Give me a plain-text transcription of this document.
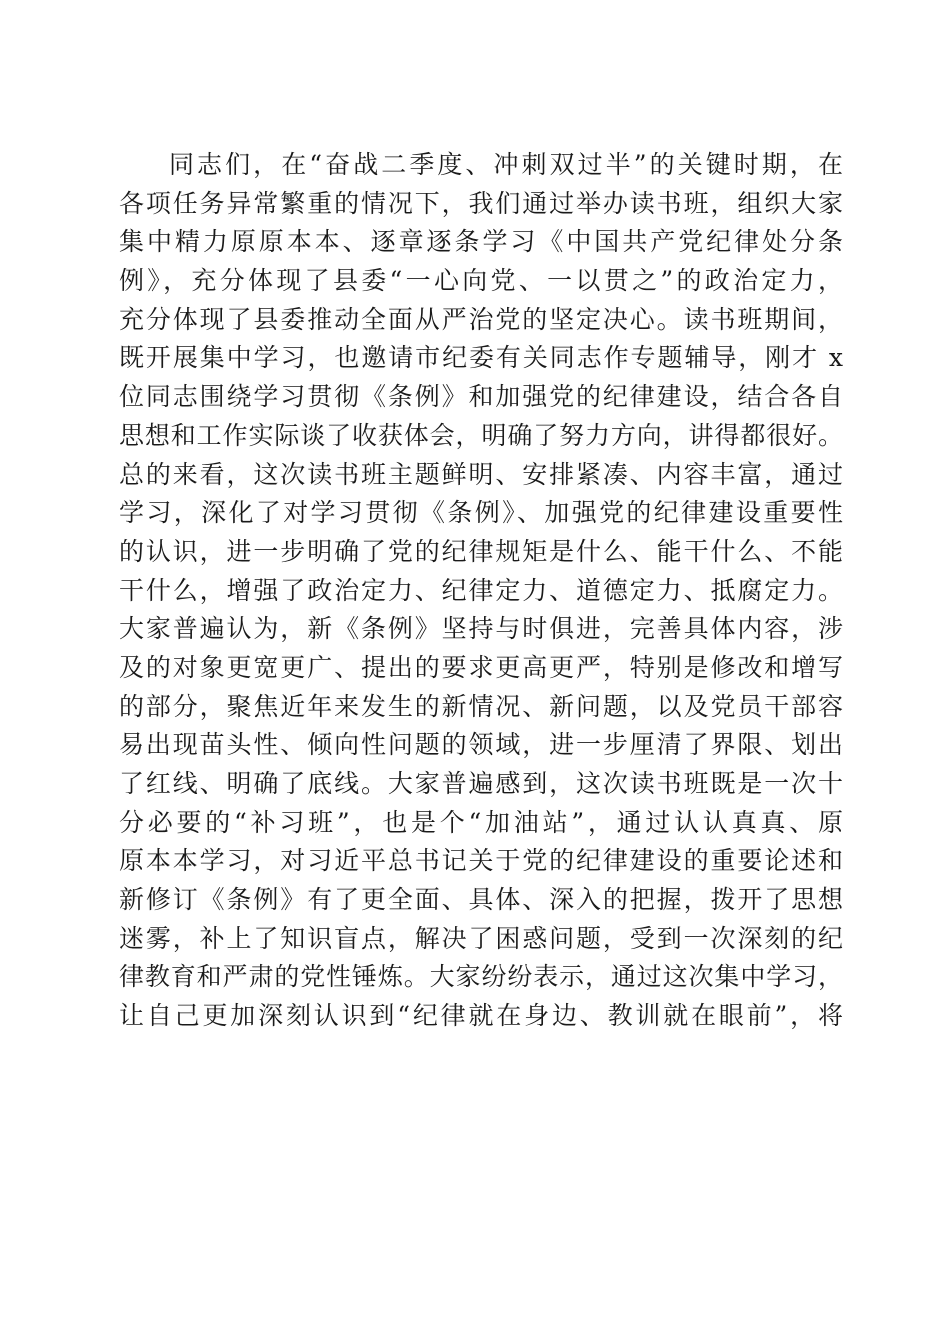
同志们，在“奋战二季度、冲刺双过半”的关键时期，在
各项任务异常繁重的情况下，我们通过举办读书班，组织大家
集中精力原原本本、逐章逐条学习《中国共产党纪律处分条
例》，充分体现了县委“一心向党、一以贯之”的政治定力，
充分体现了县委推动全面从严治党的坚定决心。读书班期间，
既开展集中学习，也邀请市纪委有关同志作专题辅导，刚才 x
位同志围绕学习贯彻《条例》和加强党的纪律建设，结合各自
思想和工作实际谈了收获体会，明确了努力方向，讲得都很好。
总的来看，这次读书班主题鲜明、安排紧凑、内容丰富，通过
学习，深化了对学习贯彻《条例》、加强党的纪律建设重要性
的认识，进一步明确了党的纪律规矩是什么、能干什么、不能
干什么，增强了政治定力、纪律定力、道德定力、抵腐定力。
大家普遍认为，新《条例》坚持与时俱进，完善具体内容，涉
及的对象更宽更广、提出的要求更高更严，特别是修改和增写
的部分，聚焦近年来发生的新情况、新问题，以及党员干部容
易出现苗头性、倾向性问题的领域，进一步厘清了界限、划出
了红线、明确了底线。大家普遍感到，这次读书班既是一次十
分必要的“补习班”，也是个“加油站”，通过认认真真、原
原本本学习，对习近平总书记关于党的纪律建设的重要论述和
新修订《条例》有了更全面、具体、深入的把握，拨开了思想
迷雾，补上了知识盲点，解决了困惑问题，受到一次深刻的纪
律教育和严肃的党性锤炼。大家纷纷表示，通过这次集中学习，
让自己更加深刻认识到“纪律就在身边、教训就在眼前”，将
